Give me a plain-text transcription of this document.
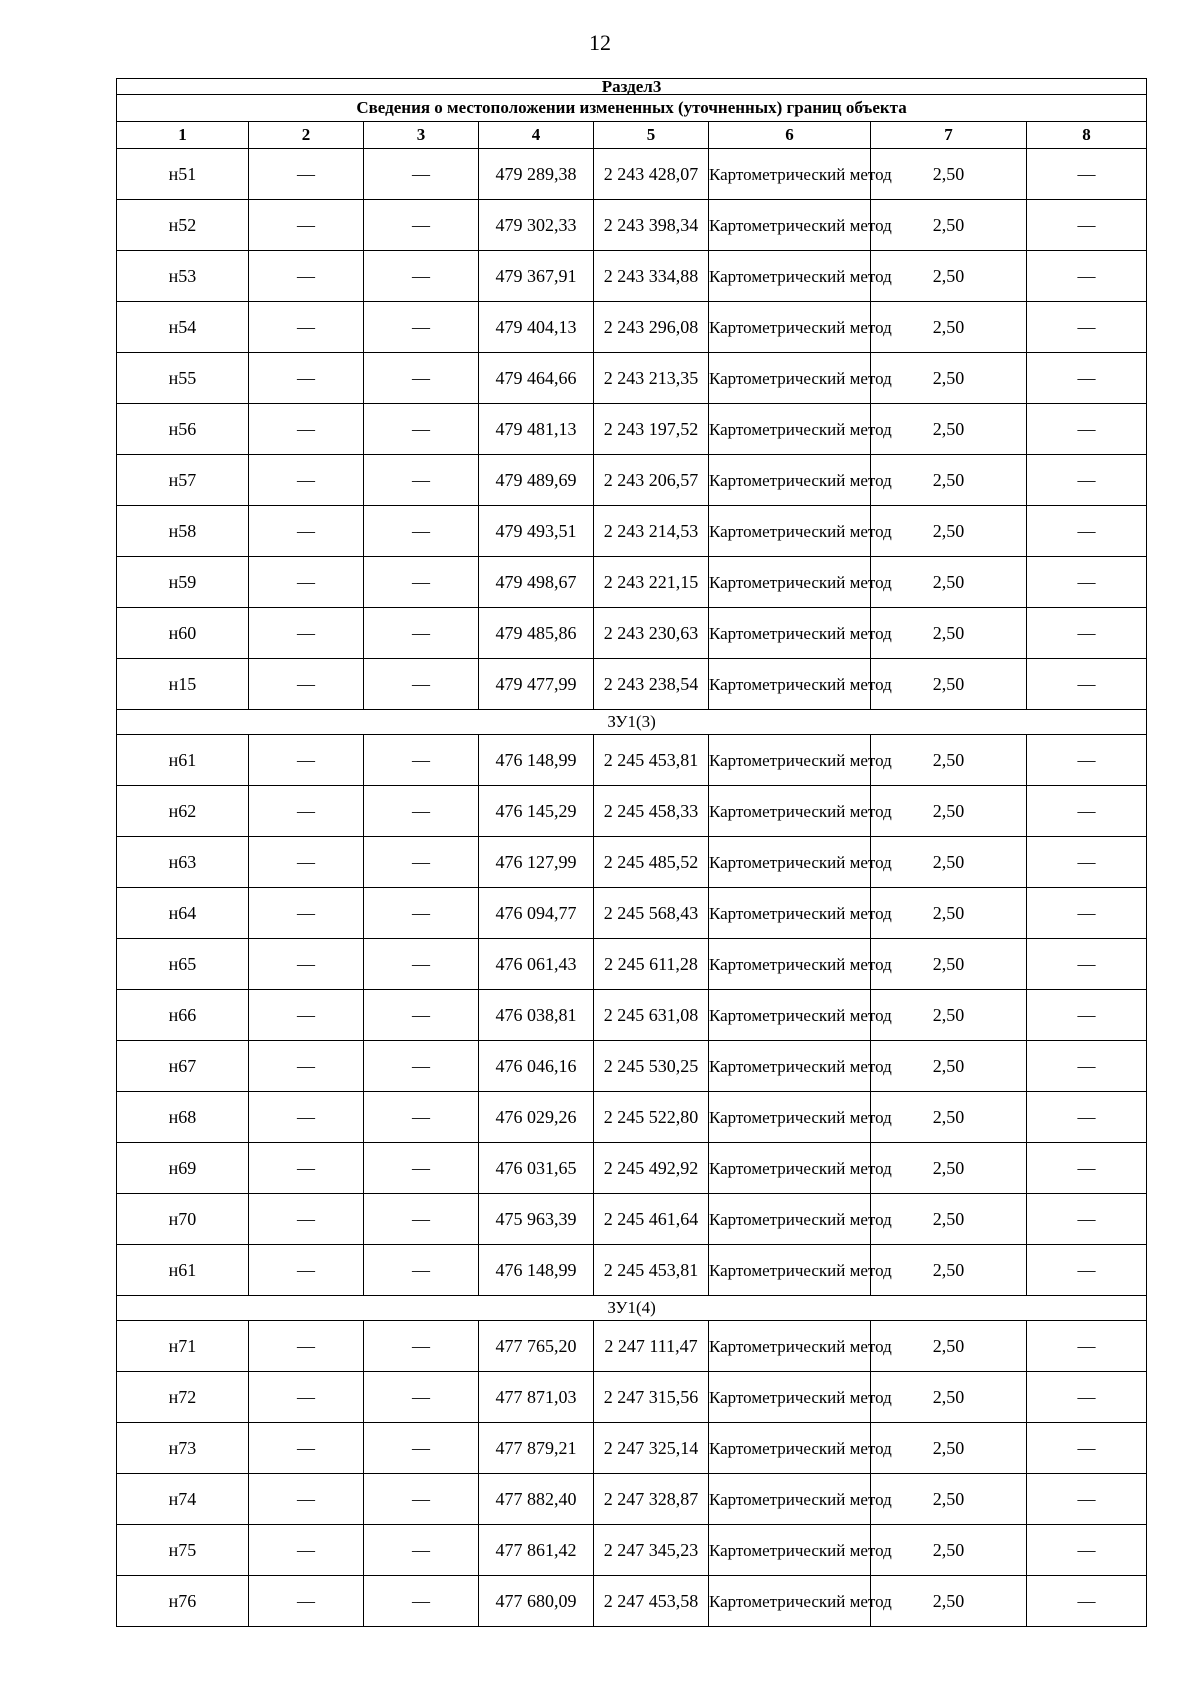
12
Раздел3							
Сведения о местоположении измененных (уточненных) границ объекта							
1	2	3	4	5	6	7	8
н51	—	—	479 289,38	2 243 428,07	Картометрический метод	2,50	—
н52	—	—	479 302,33	2 243 398,34	Картометрический метод	2,50	—
н53	—	—	479 367,91	2 243 334,88	Картометрический метод	2,50	—
н54	—	—	479 404,13	2 243 296,08	Картометрический метод	2,50	—
н55	—	—	479 464,66	2 243 213,35	Картометрический метод	2,50	—
н56	—	—	479 481,13	2 243 197,52	Картометрический метод	2,50	—
н57	—	—	479 489,69	2 243 206,57	Картометрический метод	2,50	—
н58	—	—	479 493,51	2 243 214,53	Картометрический метод	2,50	—
н59	—	—	479 498,67	2 243 221,15	Картометрический метод	2,50	—
н60	—	—	479 485,86	2 243 230,63	Картометрический метод	2,50	—
н15	—	—	479 477,99	2 243 238,54	Картометрический метод	2,50	—
ЗУ1(3)							
н61	—	—	476 148,99	2 245 453,81	Картометрический метод	2,50	—
н62	—	—	476 145,29	2 245 458,33	Картометрический метод	2,50	—
н63	—	—	476 127,99	2 245 485,52	Картометрический метод	2,50	—
н64	—	—	476 094,77	2 245 568,43	Картометрический метод	2,50	—
н65	—	—	476 061,43	2 245 611,28	Картометрический метод	2,50	—
н66	—	—	476 038,81	2 245 631,08	Картометрический метод	2,50	—
н67	—	—	476 046,16	2 245 530,25	Картометрический метод	2,50	—
н68	—	—	476 029,26	2 245 522,80	Картометрический метод	2,50	—
н69	—	—	476 031,65	2 245 492,92	Картометрический метод	2,50	—
н70	—	—	475 963,39	2 245 461,64	Картометрический метод	2,50	—
н61	—	—	476 148,99	2 245 453,81	Картометрический метод	2,50	—
ЗУ1(4)							
н71	—	—	477 765,20	2 247 111,47	Картометрический метод	2,50	—
н72	—	—	477 871,03	2 247 315,56	Картометрический метод	2,50	—
н73	—	—	477 879,21	2 247 325,14	Картометрический метод	2,50	—
н74	—	—	477 882,40	2 247 328,87	Картометрический метод	2,50	—
н75	—	—	477 861,42	2 247 345,23	Картометрический метод	2,50	—
н76	—	—	477 680,09	2 247 453,58	Картометрический метод	2,50	—
